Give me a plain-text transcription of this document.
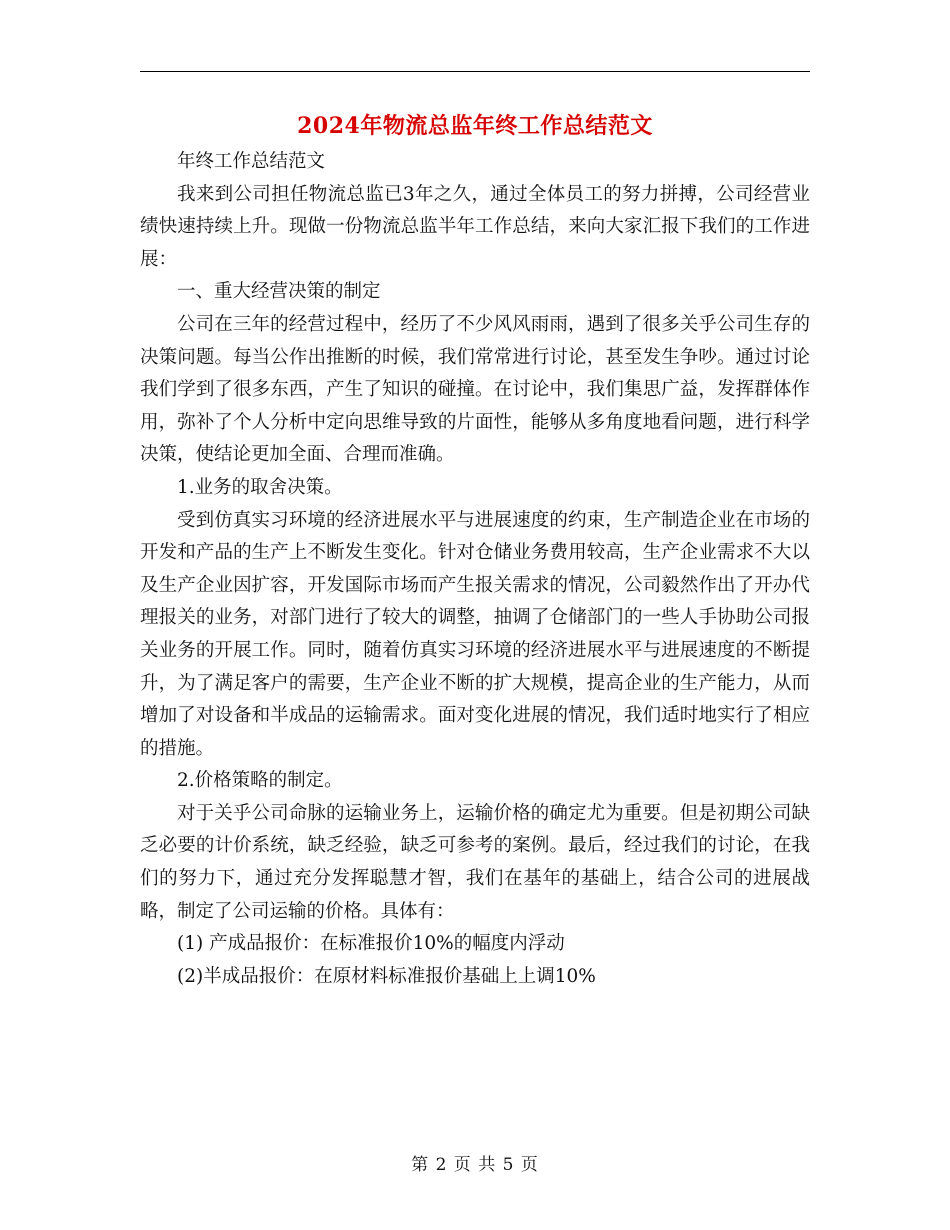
2024年物流总监年终工作总结范文

年终工作总结范文

我来到公司担任物流总监已3年之久，通过全体员工的努力拼搏，公司经营业绩快速持续上升。现做一份物流总监半年工作总结，来向大家汇报下我们的工作进展：

一、重大经营决策的制定

公司在三年的经营过程中，经历了不少风风雨雨，遇到了很多关乎公司生存的决策问题。每当公作出推断的时候，我们常常进行讨论，甚至发生争吵。通过讨论我们学到了很多东西，产生了知识的碰撞。在讨论中，我们集思广益，发挥群体作用，弥补了个人分析中定向思维导致的片面性，能够从多角度地看问题，进行科学决策，使结论更加全面、合理而准确。

1.业务的取舍决策。

受到仿真实习环境的经济进展水平与进展速度的约束，生产制造企业在市场的开发和产品的生产上不断发生变化。针对仓储业务费用较高，生产企业需求不大以及生产企业因扩容，开发国际市场而产生报关需求的情况，公司毅然作出了开办代理报关的业务，对部门进行了较大的调整，抽调了仓储部门的一些人手协助公司报关业务的开展工作。同时，随着仿真实习环境的经济进展水平与进展速度的不断提升，为了满足客户的需要，生产企业不断的扩大规模，提高企业的生产能力，从而增加了对设备和半成品的运输需求。面对变化进展的情况，我们适时地实行了相应的措施。

2.价格策略的制定。

对于关乎公司命脉的运输业务上，运输价格的确定尤为重要。但是初期公司缺乏必要的计价系统，缺乏经验，缺乏可参考的案例。最后，经过我们的讨论，在我们的努力下，通过充分发挥聪慧才智，我们在基年的基础上，结合公司的进展战略，制定了公司运输的价格。具体有：

(1) 产成品报价：在标准报价10%的幅度内浮动

(2)半成品报价：在原材料标准报价基础上上调10%

第 2 页 共 5 页
